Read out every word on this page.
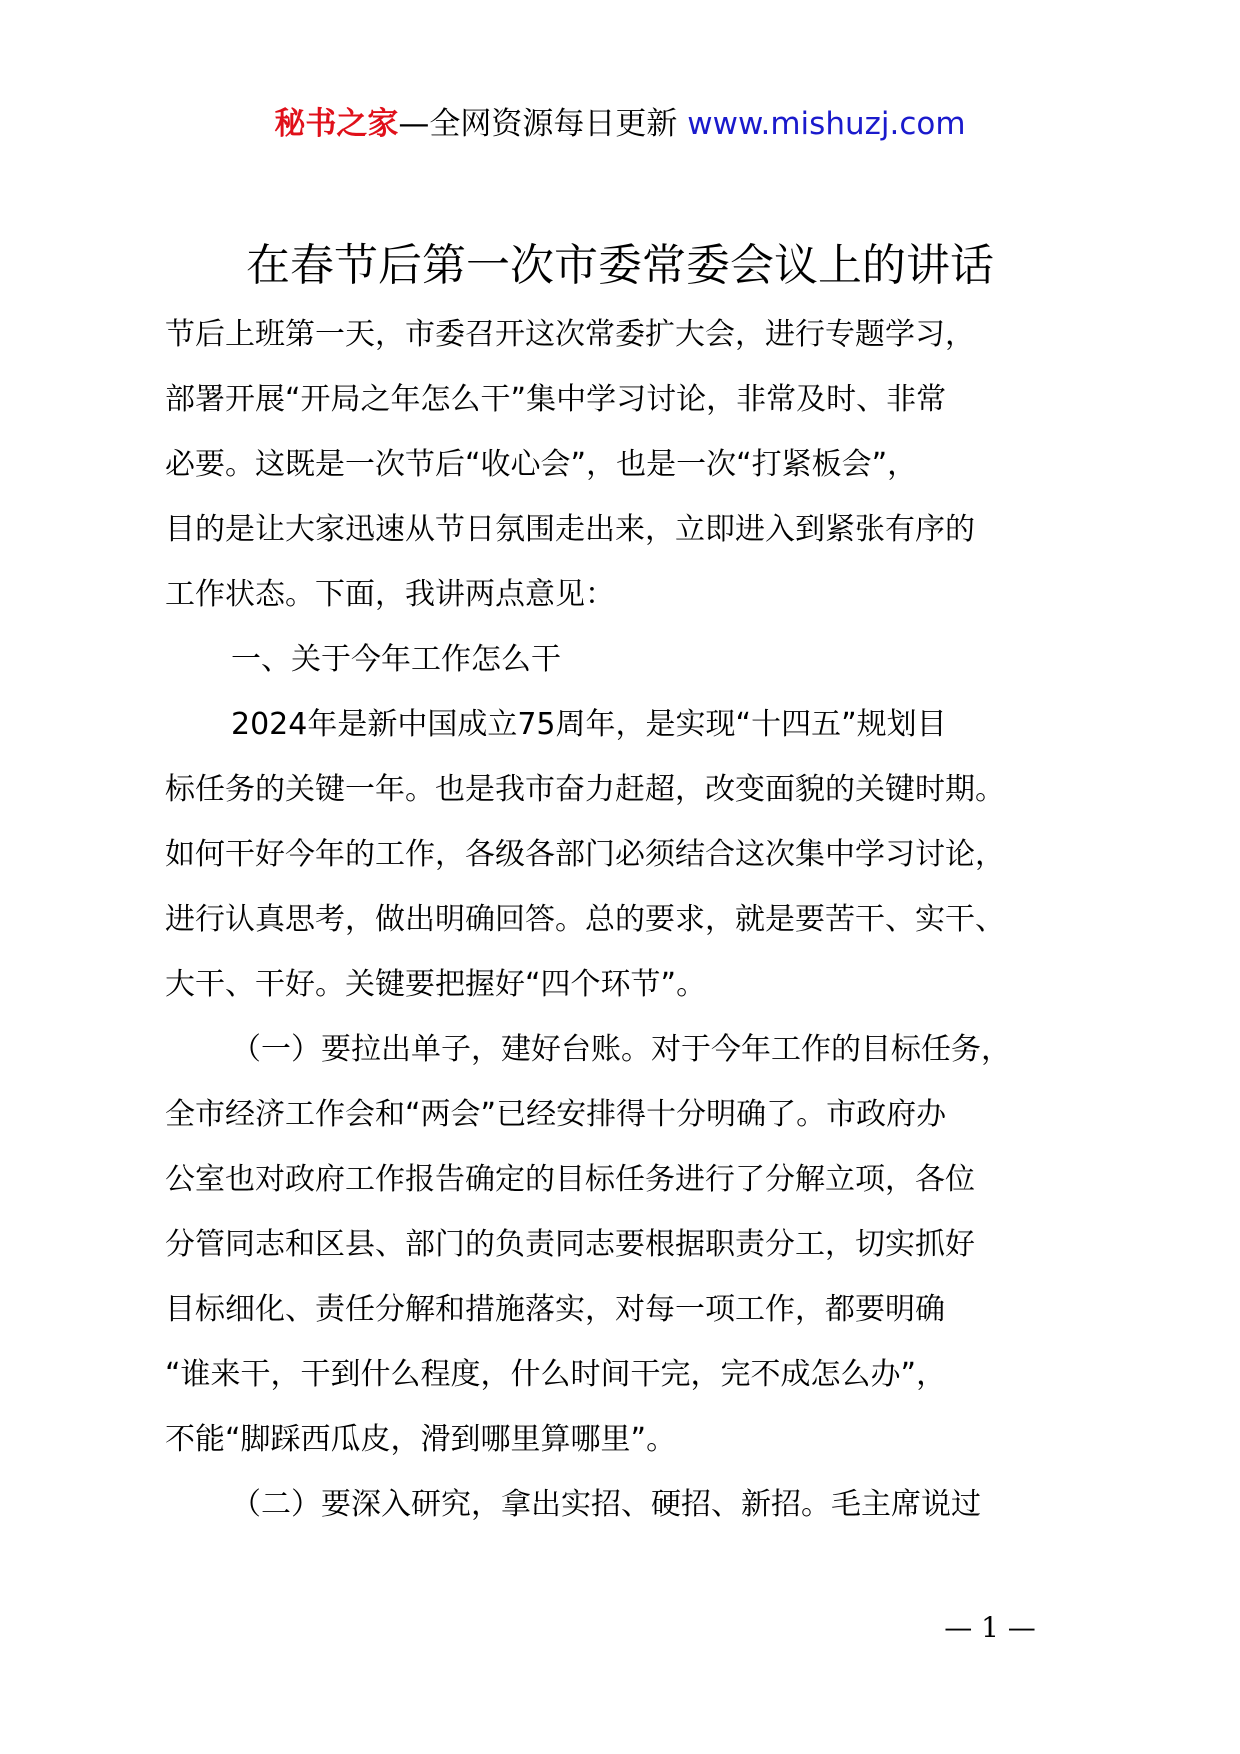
秘书之家—全网资源每日更新 www.mishuzj.com
在春节后第一次市委常委会议上的讲话
节后上班第一天，市委召开这次常委扩大会，进行专题学习，
部署开展“开局之年怎么干”集中学习讨论，非常及时、非常
必要。这既是一次节后“收心会”，也是一次“打紧板会”，
目的是让大家迅速从节日氛围走出来，立即进入到紧张有序的
工作状态。下面，我讲两点意见：
一、关于今年工作怎么干
2024年是新中国成立75周年，是实现“十四五”规划目
标任务的关键一年。也是我市奋力赶超，改变面貌的关键时期。
如何干好今年的工作，各级各部门必须结合这次集中学习讨论，
进行认真思考，做出明确回答。总的要求，就是要苦干、实干、
大干、干好。关键要把握好“四个环节”。
（一）要拉出单子，建好台账。对于今年工作的目标任务，
全市经济工作会和“两会”已经安排得十分明确了。市政府办
公室也对政府工作报告确定的目标任务进行了分解立项，各位
分管同志和区县、部门的负责同志要根据职责分工，切实抓好
目标细化、责任分解和措施落实，对每一项工作，都要明确
“谁来干，干到什么程度，什么时间干完，完不成怎么办”，
不能“脚踩西瓜皮，滑到哪里算哪里”。
（二）要深入研究，拿出实招、硬招、新招。毛主席说过
— 1 —
